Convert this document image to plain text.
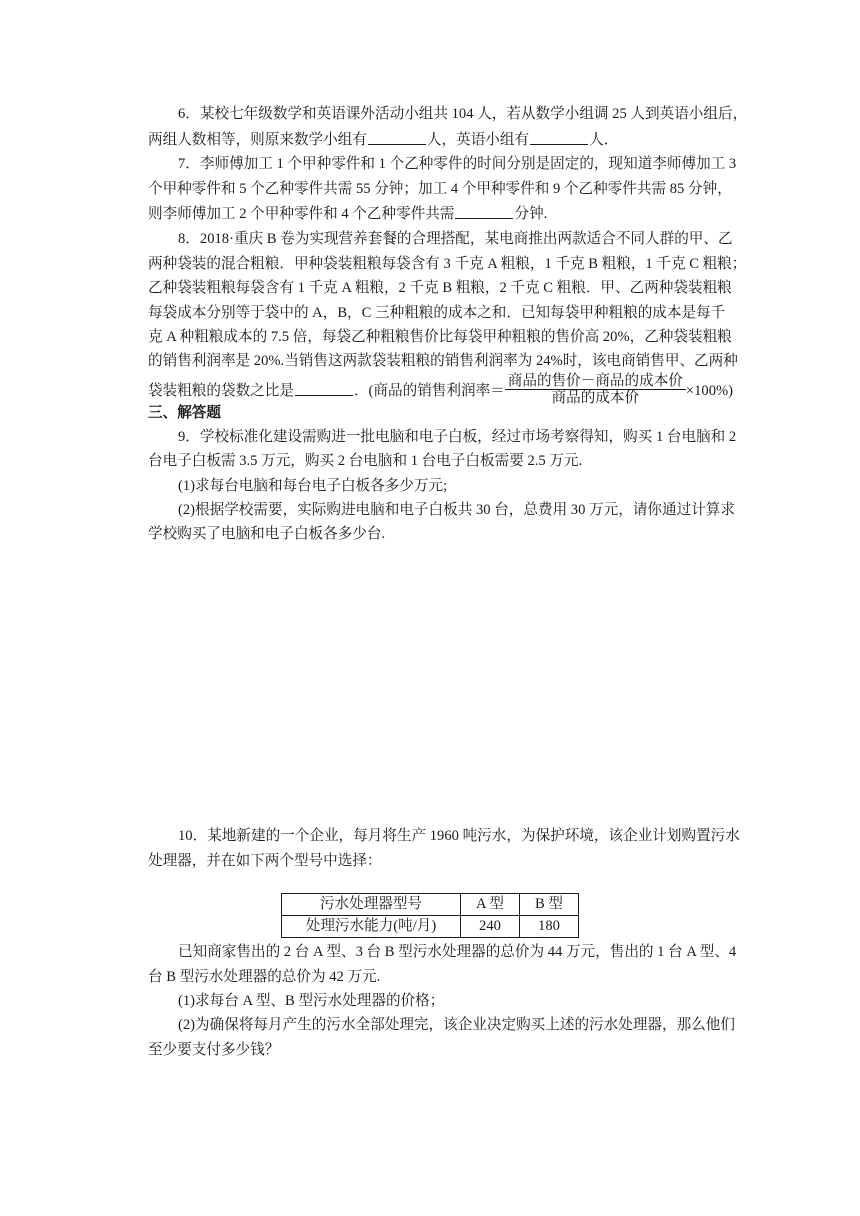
6．某校七年级数学和英语课外活动小组共 104 人，若从数学小组调 25 人到英语小组后，
两组人数相等，则原来数学小组有	人，英语小组有	人．
7．李师傅加工 1 个甲种零件和 1 个乙种零件的时间分别是固定的，现知道李师傅加工 3
个甲种零件和 5 个乙种零件共需 55 分钟；加工 4 个甲种零件和 9 个乙种零件共需 85 分钟，
则李师傅加工 2 个甲种零件和 4 个乙种零件共需	分钟.
8．2018·重庆 B 卷为实现营养套餐的合理搭配，某电商推出两款适合不同人群的甲、乙
两种袋装的混合粗粮．甲种袋装粗粮每袋含有 3 千克 A 粗粮，1 千克 B 粗粮，1 千克 C 粗粮；
乙种袋装粗粮每袋含有 1 千克 A 粗粮，2 千克 B 粗粮，2 千克 C 粗粮．甲、乙两种袋装粗粮
每袋成本分别等于袋中的 A，B，C 三种粗粮的成本之和．已知每袋甲种粗粮的成本是每千
克 A 种粗粮成本的 7.5 倍，每袋乙种粗粮售价比每袋甲种粗粮的售价高 20%，乙种袋装粗粮
的销售利润率是 20%.当销售这两款袋装粗粮的销售利润率为 24%时，该电商销售甲、乙两种
袋装粗粮的袋数之比是	．(商品的销售利润率＝ $\frac{\text{商品的售价－商品的成本价}}{\text{商品的成本价}} \times 100\%$)
三、解答题
9．学校标准化建设需购进一批电脑和电子白板，经过市场考察得知，购买 1 台电脑和 2
台电子白板需 3.5 万元，购买 2 台电脑和 1 台电子白板需要 2.5 万元.
(1)求每台电脑和每台电子白板各多少万元;
(2)根据学校需要，实际购进电脑和电子白板共 30 台，总费用 30 万元，请你通过计算求
学校购买了电脑和电子白板各多少台.
10．某地新建的一个企业，每月将生产 1960 吨污水，为保护环境，该企业计划购置污水
处理器，并在如下两个型号中选择：
污水处理器型号	A 型	B 型
处理污水能力(吨/月)	240	180
已知商家售出的 2 台 A 型、3 台 B 型污水处理器的总价为 44 万元，售出的 1 台 A 型、4
台 B 型污水处理器的总价为 42 万元.
(1)求每台 A 型、B 型污水处理器的价格；
(2)为确保将每月产生的污水全部处理完，该企业决定购买上述的污水处理器，那么他们
至少要支付多少钱？
